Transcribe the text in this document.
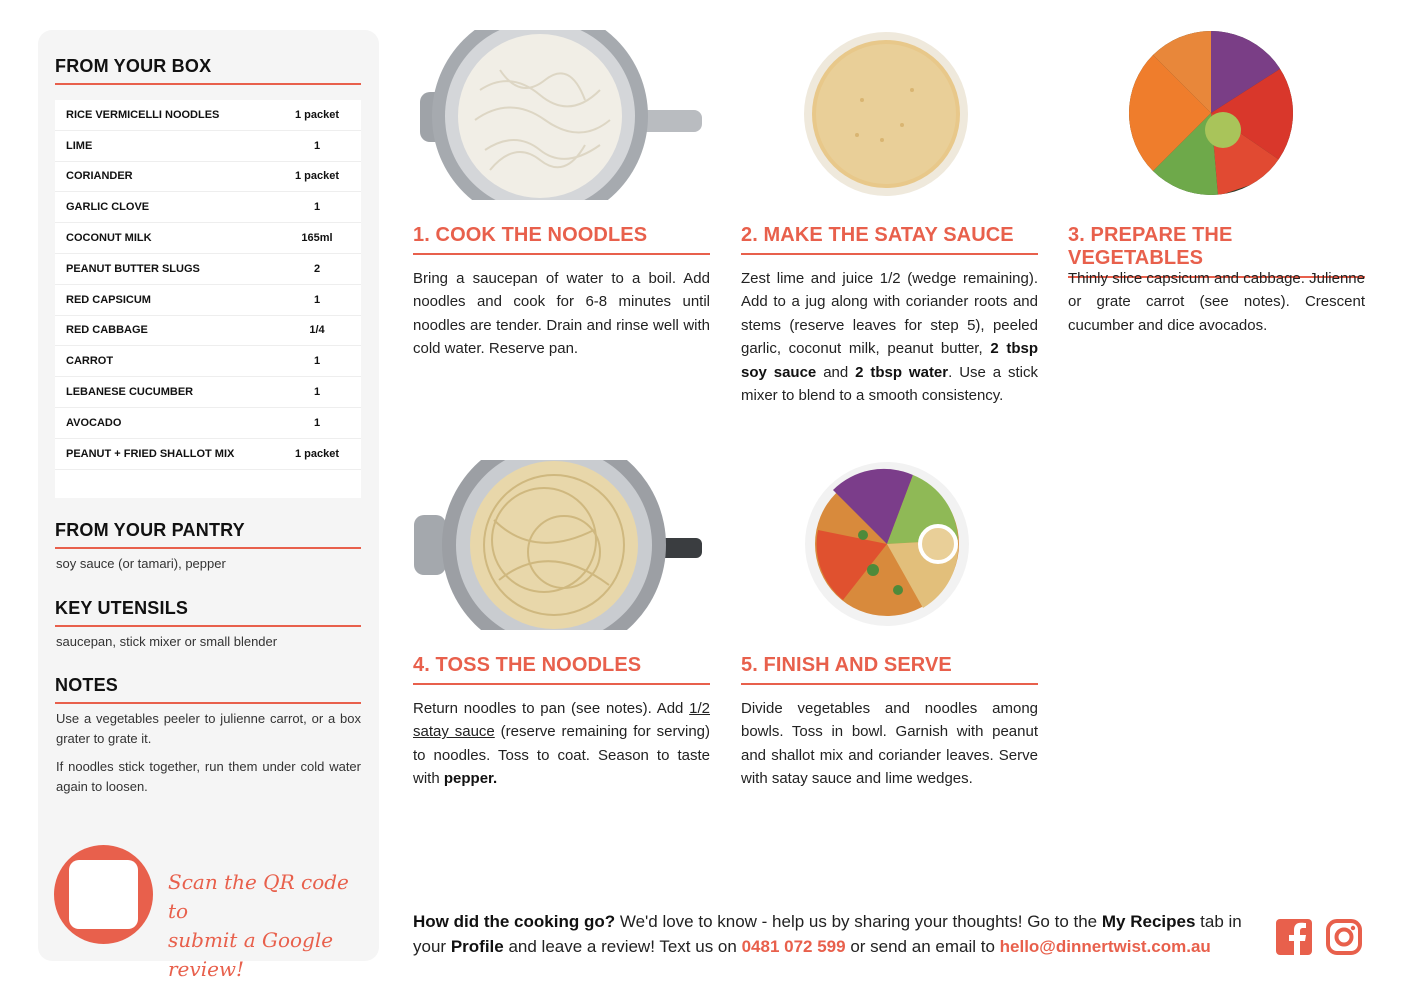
FROM YOUR BOX
RICE VERMICELLI NOODLES	1 packet
LIME	1
CORIANDER	1 packet
GARLIC CLOVE	1
COCONUT MILK	165ml
PEANUT BUTTER SLUGS	2
RED CAPSICUM	1
RED CABBAGE	1/4
CARROT	1
LEBANESE CUCUMBER	1
AVOCADO	1
PEANUT + FRIED SHALLOT MIX	1 packet
FROM YOUR PANTRY
soy sauce (or tamari), pepper
KEY UTENSILS
saucepan, stick mixer or small blender
NOTES

Use a vegetables peeler to julienne carrot, or a box grater to grate it.

If noodles stick together, run them under cold water again to loosen.

Scan the QR code to
submit a Google review!
1. COOK THE NOODLES	2. MAKE THE SATAY SAUCE	3. PREPARE THE VEGETABLES
4. TOSS THE NOODLES	5. FINISH AND SERVE
Bring a saucepan of water to a boil. Add noodles and cook for 6-8 minutes until noodles are tender. Drain and rinse well with cold water. Reserve pan.
Zest lime and juice 1/2 (wedge remaining). Add to a jug along with coriander roots and stems (reserve leaves for step 5), peeled garlic, coconut milk, peanut butter, 2 tbsp soy sauce and 2 tbsp water. Use a stick mixer to blend to a smooth consistency.
Thinly slice capsicum and cabbage. Julienne or grate carrot (see notes). Crescent cucumber and dice avocados.
Return noodles to pan (see notes). Add 1/2 satay sauce (reserve remaining for serving) to noodles. Toss to coat. Season to taste with pepper.
Divide vegetables and noodles among bowls. Toss in bowl. Garnish with peanut and shallot mix and coriander leaves. Serve with satay sauce and lime wedges.
How did the cooking go? We'd love to know - help us by sharing your thoughts! Go to the My Recipes tab in your Profile and leave a review! Text us on 0481 072 599 or send an email to hello@dinnertwist.com.au
